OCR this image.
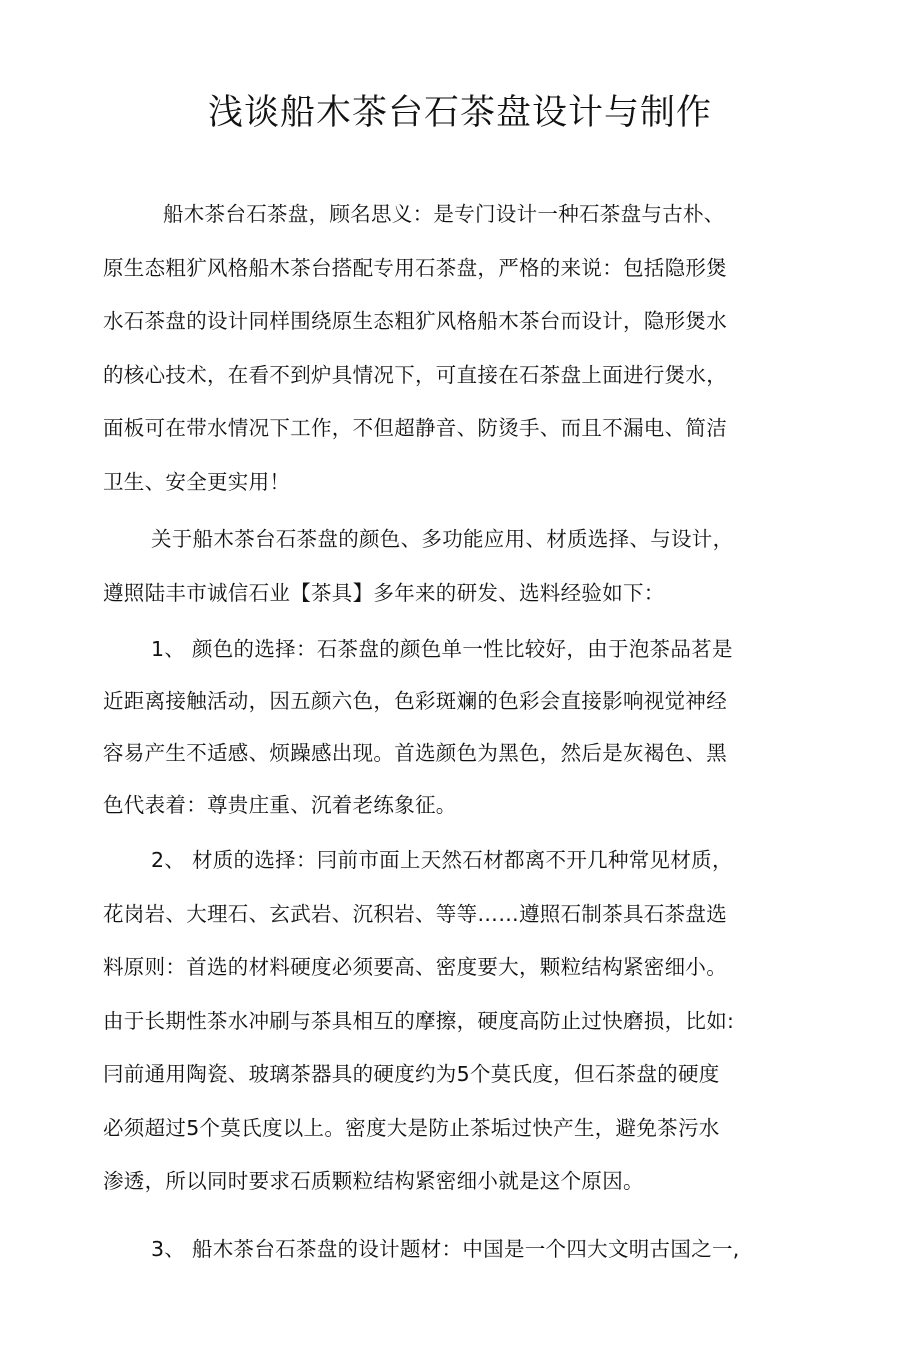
浅谈船木茶台石茶盘设计与制作
船木茶台石茶盘，顾名思义：是专门设计一种石茶盘与古朴、
原生态粗犷风格船木茶台搭配专用石茶盘，严格的来说：包括隐形煲
水石茶盘的设计同样围绕原生态粗犷风格船木茶台而设计，隐形煲水
的核心技术，在看不到炉具情况下，可直接在石茶盘上面进行煲水，
面板可在带水情况下工作，不但超静音、防烫手、而且不漏电、简洁
卫生、安全更实用！
关于船木茶台石茶盘的颜色、多功能应用、材质选择、与设计，
遵照陆丰市诚信石业【茶具】多年来的研发、选料经验如下：
1、 颜色的选择：石茶盘的颜色单一性比较好，由于泡茶品茗是
近距离接触活动，因五颜六色，色彩斑斓的色彩会直接影响视觉神经
容易产生不适感、烦躁感出现。首选颜色为黑色，然后是灰褐色、黑
色代表着：尊贵庄重、沉着老练象征。
2、 材质的选择：冃前市面上天然石材都离不开几种常见材质，
花岗岩、大理石、玄武岩、沉积岩、等等……遵照石制茶具石茶盘选
料原则：首选的材料硬度必须要高、密度要大，颗粒结构紧密细小。
由于长期性茶水冲刷与茶具相互的摩擦，硬度高防止过快磨损，比如:
冃前通用陶瓷、玻璃茶器具的硬度约为5个莫氏度，但石茶盘的硬度
必须超过5个莫氏度以上。密度大是防止茶垢过快产生，避免茶污水
渗透，所以同时要求石质颗粒结构紧密细小就是这个原因。
3、 船木茶台石茶盘的设计题材：中国是一个四大文明古国之一,
